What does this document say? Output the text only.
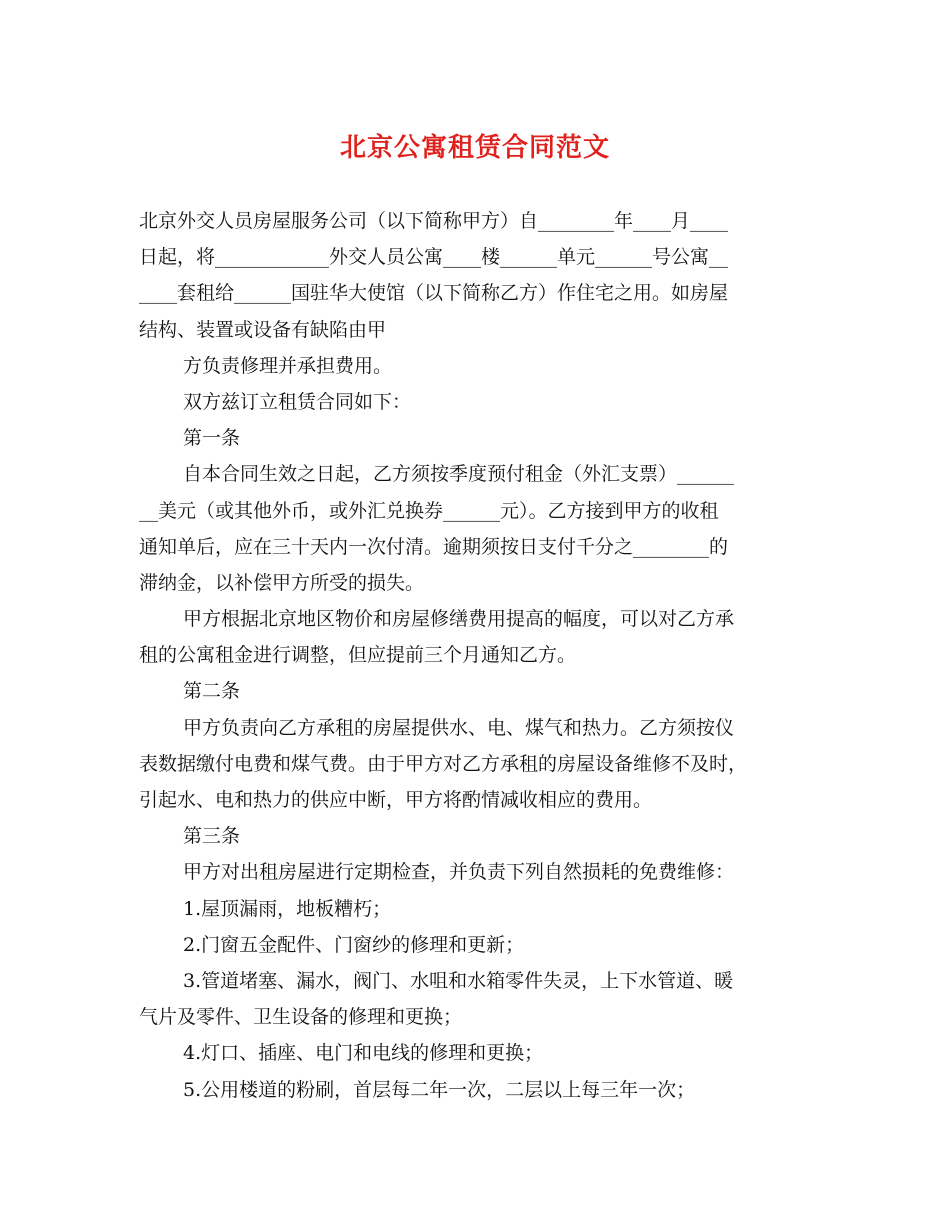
北京公寓租赁合同范文
北京外交人员房屋服务公司（以下简称甲方）自________年____月____
日起，将____________外交人员公寓____楼______单元______号公寓__
____套租给______国驻华大使馆（以下简称乙方）作住宅之用。如房屋
结构、装置或设备有缺陷由甲
方负责修理并承担费用。
双方兹订立租赁合同如下：
第一条
自本合同生效之日起，乙方须按季度预付租金（外汇支票）______
__美元（或其他外币，或外汇兑换券______元）。乙方接到甲方的收租
通知单后，应在三十天内一次付清。逾期须按日支付千分之________的
滞纳金，以补偿甲方所受的损失。
甲方根据北京地区物价和房屋修缮费用提高的幅度，可以对乙方承
租的公寓租金进行调整，但应提前三个月通知乙方。
第二条
甲方负责向乙方承租的房屋提供水、电、煤气和热力。乙方须按仪
表数据缴付电费和煤气费。由于甲方对乙方承租的房屋设备维修不及时，
引起水、电和热力的供应中断，甲方将酌情减收相应的费用。
第三条
甲方对出租房屋进行定期检查，并负责下列自然损耗的免费维修：
1.屋顶漏雨，地板糟朽；
2.门窗五金配件、门窗纱的修理和更新；
3.管道堵塞、漏水，阀门、水咀和水箱零件失灵，上下水管道、暖
气片及零件、卫生设备的修理和更换；
4.灯口、插座、电门和电线的修理和更换；
5.公用楼道的粉刷，首层每二年一次，二层以上每三年一次；
